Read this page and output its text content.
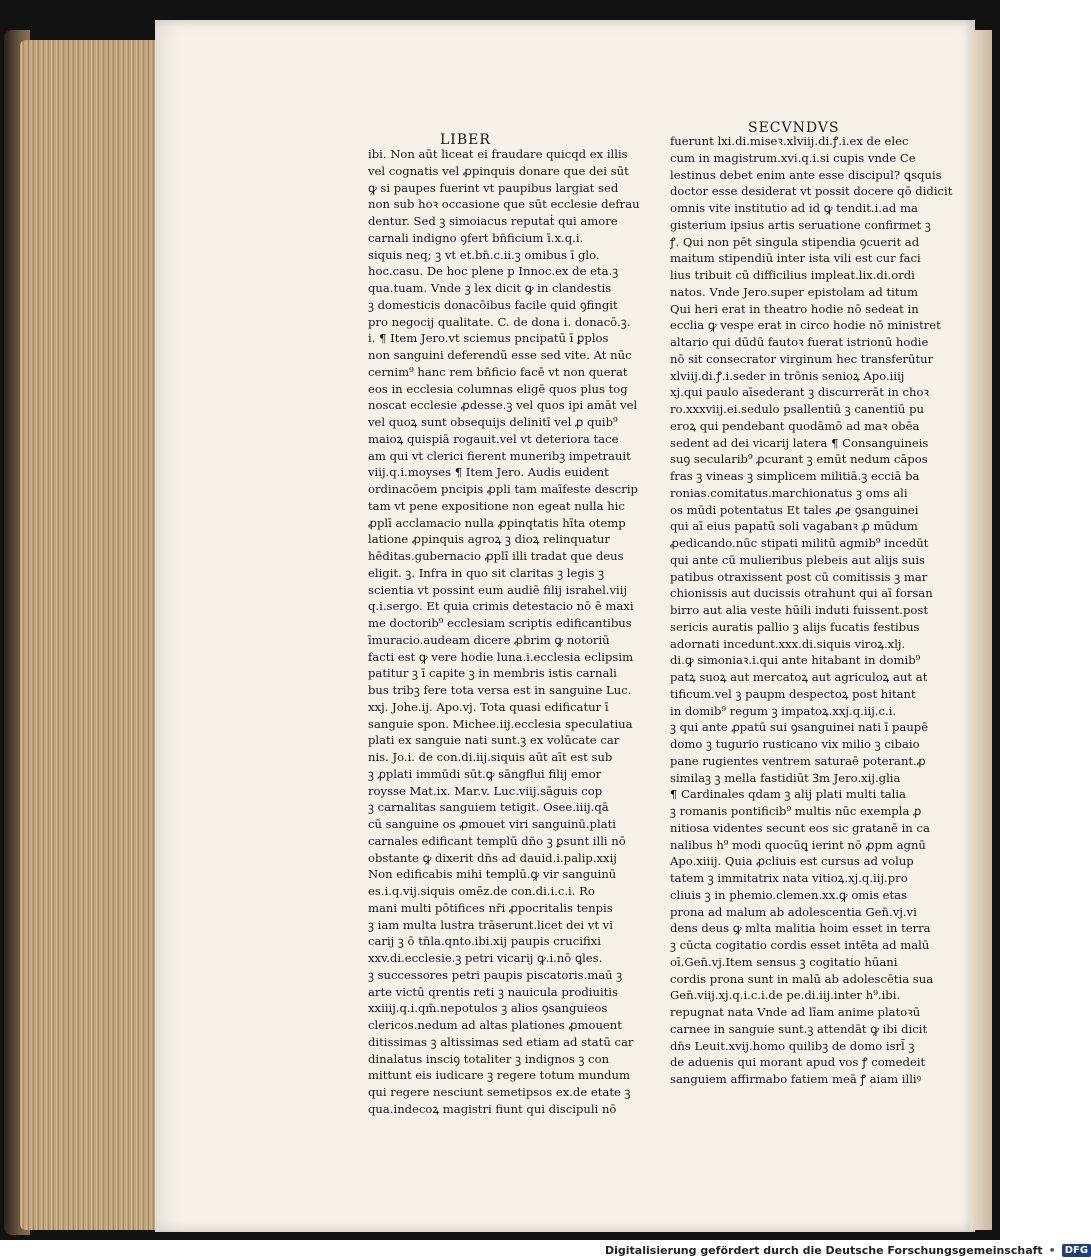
LIBER
SECVNDVS
ibi. Non aūt liceat ei fraudare quicqd ex illis
vel cognatis vel ꝓpinquis donare que dei sūt
ꝙ si paupes fuerint vt paupibus largiat sed
non sub hoꝛ occasione que sūt ecclesie defrau
dentur. Sed ꝫ simoiacus reputaṫ qui amore
carnali indigno ꝯfert bn̄ficium ī.x.q.i.
siquis neq; ꝫ vt et.bn̄.c.ii.ꝫ omibus ī glo.
hoc.casu. De hoc plene p Innoc.ex de eta.ꝫ
qua.tuam. Vnde ꝫ lex dicit ꝙ in clandestis
ꝫ domesticis donacōibus facile quid ꝯfingit
pro negocij qualitate. C. de dona i. donacō.ꝫ.
i. ¶ Item Jero.vt sciemus pncipatū ī ꝑplos
non sanguini deferendū esse sed vite. At nūc
cernim⁹ hanc rem bn̄ficio facē vt non querat
eos in ecclesia columnas eligē quos plus tog
noscat ecclesie ꝓdesse.ꝫ vel quos ipi amāt vel
vel quoꝝ sunt obsequijs delinitī vel ꝓ quib⁹
maioꝝ quispiā rogauit.vel vt deteriora tace
am qui vt clerici fierent muneribꝫ impetrauit
viij.q.i.moyses ¶ Item Jero. Audis euident
ordinacōem pncipis ꝓpli tam maīfeste descrip
tam vt pene expositione non egeat nulla hic
ꝓplī acclamacio nulla ꝓpinqtatis hīta otemp
latione ꝓpinquis agroꝝ ꝫ dioꝝ relinquatur
hēditas.gubernacio ꝓplī illi tradat que deus
eligit. ꝫ. Infra in quo sit claritas ꝫ legis ꝫ
scientia vt possint eum audiē filij israhel.viij
q.i.sergo. Et quia crimis detestacio nō ē maxi
me doctorib⁹ ecclesiam scriptis edificantibus
īmuracio.audeam dicere ꝓbrim ꝙ notoriū
facti est ꝙ vere hodie luna.i.ecclesia eclipsim
patitur ꝫ ī capite ꝫ in membris istis carnali
bus tribꝫ fere tota versa est in sanguine Luc.
xxj. Johe.ij. Apo.vj. Tota quasi edificatur ī
sanguie spon. Michee.iij.ecclesia speculatiua
plati ex sanguie nati sunt.ꝫ ex volūcate car
nis. Jo.i. de con.di.iij.siquis aūt aīt est sub
ꝫ ꝓplati immūdi sūt.ꝙ sāngflui filij emor
roysse Mat.ix. Mar.v. Luc.viij.sāguis cop
ꝫ carnalitas sanguiem tetigit. Osee.iiij.qā
cū sanguine os ꝓmouet viri sanguinū.plati
carnales edificant templū dn̄o ꝫ ꝑsunt illi nō
obstante ꝙ dixerit dn̄s ad dauid.i.palip.xxij
Non edificabis mihi templū.ꝙ vir sanguinū
es.i.q.vij.siquis omēz.de con.di.i.c.i. Ro
mani multi pōtifices nr̄i ꝓpocritalis tenpis
ꝫ iam multa lustra trāserunt.licet dei vt vi
carij ꝫ ō tn̄la.qnto.ibi.xij paupis crucifixi
xxv.di.ecclesie.ꝫ petri vicarij ꝙ.i.nō ꝗles.
ꝫ successores petri paupis piscatoris.maū ꝫ
arte victū qrentis reti ꝫ nauicula prodiuitis
xxiiij.q.i.qm̄.nepotulos ꝫ alios ꝯsanguieos
clericos.nedum ad altas plationes ꝓmouent
ditissimas ꝫ altissimas sed etiam ad statū car
dinalatus insciꝯ totaliter ꝫ indignos ꝫ con
mittunt eis iudicare ꝫ regere totum mundum
qui regere nesciunt semetipsos ex.de etate ꝫ
qua.indecoꝝ magistri fiunt qui discipuli nō
fuerunt lxi.di.miseꝛ.xlviij.di.ꝭ.i.ex de elec
cum in magistrum.xvi.q.i.si cupis vnde Ce
lestinus debet enim ante esse discipul? ꝗsquis
doctor esse desiderat vt possit docere qō didicit
omnis vite institutio ad id ꝙ tendit.i.ad ma
gisterium ipsius artis seruatione confirmet ꝫ
ꝭ. Qui non pēt singula stipendia ꝯcuerit ad
maitum stipendiū inter ista vili est cur faci
lius tribuit cū difficilius impleat.lix.di.ordi
natos. Vnde Jero.super epistolam ad titum
Qui heri erat in theatro hodie nō sedeat in
ecclia ꝙ vespe erat in circo hodie nō ministret
altario qui dūdū fautoꝛ fuerat istrionū hodie
nō sit consecrator virginum hec transferūtur
xlviij.di.ꝭ.i.seder in trōnis senioꝝ Apo.iiij
xj.qui paulo aīsederant ꝫ discurrerāt in choꝛ
ro.xxxviij.ei.sedulo psallentiū ꝫ canentiū pu
eroꝝ qui pendebant quodāmō ad maꝛ obēa
sedent ad dei vicarij latera ¶ Consanguineis
suꝯ secularib⁹ ꝓcurant ꝫ emūt nedum cāpos
fras ꝫ vineas ꝫ simplicem militiā.ꝫ ecciā ba
ronias.comitatus.marchionatus ꝫ oms ali
os mūdi potentatus Et tales ꝓe ꝯsanguinei
qui aī eius papatū soli vagabanꝛ ꝓ mūdum
ꝓedicando.nūc stipati militū agmib⁹ incedūt
qui ante cū mulieribus plebeis aut alijs suis
patibus otraxissent post cū comitissis ꝫ mar
chionissis aut ducissis otrahunt qui aī forsan
birro aut alia veste hūili induti fuissent.post
sericis auratis pallio ꝫ alijs fucatis festibus
adornati incedunt.xxx.di.siquis viroꝝ.xlj.
di.ꝙ simoniaꝛ.i.qui ante hitabant in domib⁹
patꝝ suoꝝ aut mercatoꝝ aut agriculoꝝ aut at
tificum.vel ꝫ paupm despectoꝝ post hitant
in domib⁹ regum ꝫ impatoꝝ.xxj.q.iij.c.i.
ꝫ qui ante ꝓpatū sui ꝯsanguinei nati ī paupē
domo ꝫ tugurio rusticano vix milio ꝫ cibaio
pane rugientes ventrem saturaē poterant.ꝓ
similaꝫ ꝫ mella fastidiūt Ꝫm Jero.xij.glia
¶ Cardinales qdam ꝫ alij plati multi talia
ꝫ romanis pontificib⁹ multis nūc exempla ꝓ
nitiosa videntes secunt eos sic gratanē in ca
nalibus h⁹ modi quocūꝗ ierint nō ꝓpm agnū
Apo.xiiij. Quia ꝓcliuis est cursus ad volup
tatem ꝫ immitatrix nata vitioꝝ.xj.q.iij.pro
cliuis ꝫ in phemio.clemen.xx.ꝙ omis etas
prona ad malum ab adolescentia Gen̄.vj.vi
dens deus ꝙ mlta malitia hoim esset in terra
ꝫ cūcta cogitatio cordis esset intēta ad malū
oī.Gen̄.vj.Item sensus ꝫ cogitatio hūani
cordis prona sunt in malū ab adolescētia sua
Gen̄.viij.xj.q.i.c.i.de pe.di.iij.inter h⁹.ibi.
repugnat nata Vnde ad līam anime platoꝛū
carnee in sanguie sunt.ꝫ attendāt ꝙ ibi dicit
dn̄s Leuit.xvij.homo quilibꝫ de domo isrl̄ ꝫ
de aduenis qui morant apud vos ꝭ comedeit
sanguiem affirmabo fatiem meā ꝭ aiam illiꝰ
Digitalisierung gefördert durch die Deutsche Forschungsgemeinschaft • DFG
